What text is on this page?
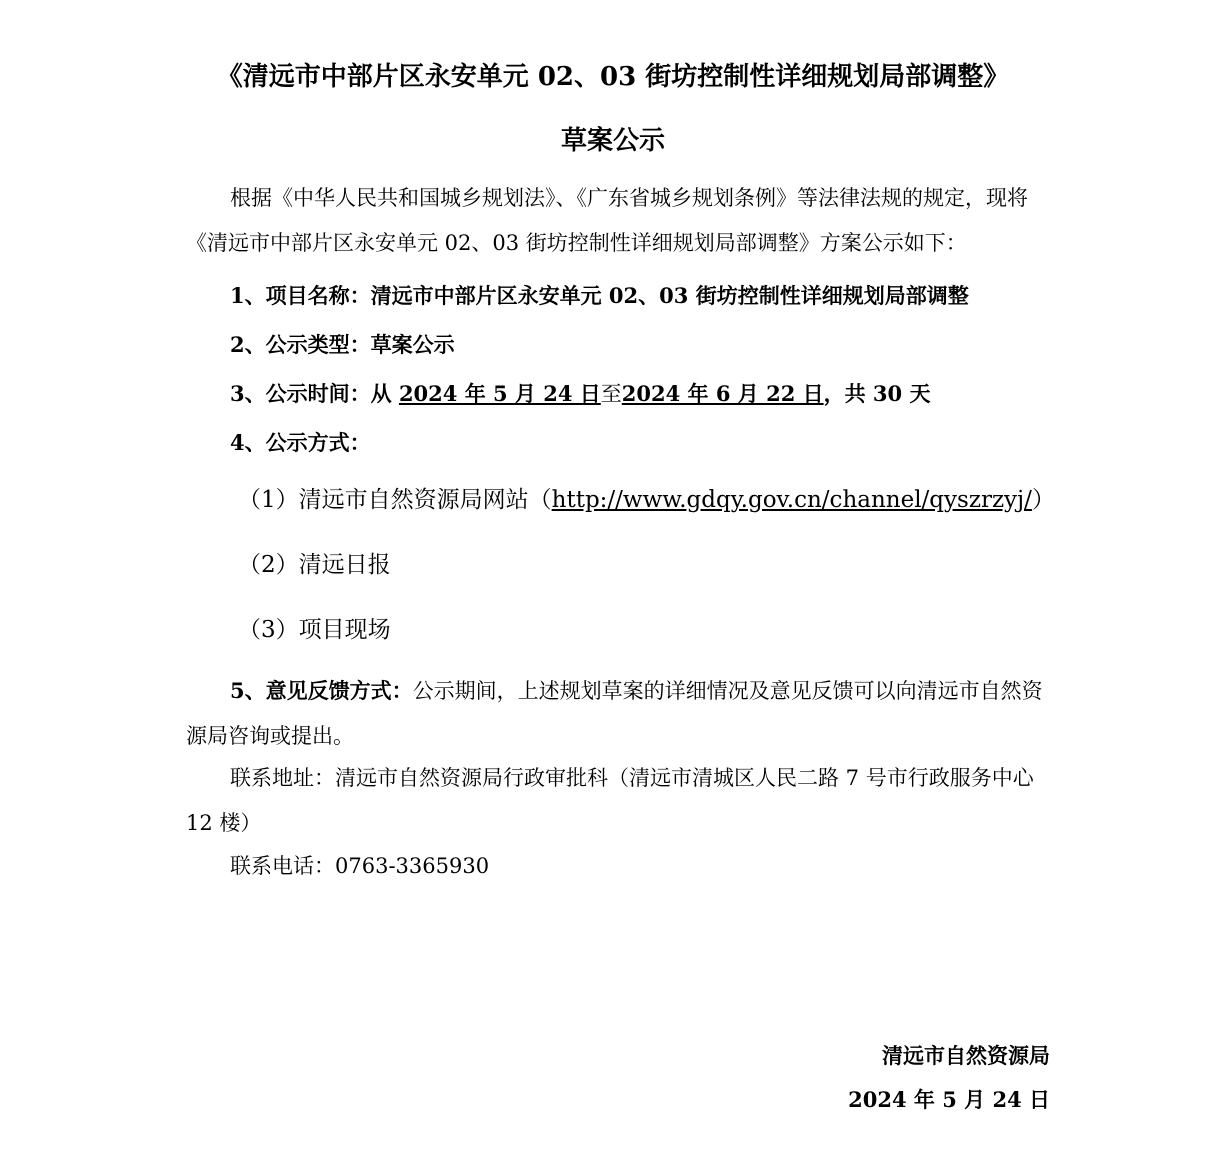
《清远市中部片区永安单元 02、03 街坊控制性详细规划局部调整》
草案公示
根据《中华人民共和国城乡规划法》、《广东省城乡规划条例》等法律法规的规定，现将《清远市中部片区永安单元 02、03 街坊控制性详细规划局部调整》方案公示如下：
1、项目名称：清远市中部片区永安单元 02、03 街坊控制性详细规划局部调整
2、公示类型：草案公示
3、公示时间：从 2024 年 5 月 24 日至2024 年 6 月 22 日，共 30 天
4、公示方式：
（1）清远市自然资源局网站（http://www.gdqy.gov.cn/channel/qyszrzyj/）
（2）清远日报
（3）项目现场
5、意见反馈方式：公示期间，上述规划草案的详细情况及意见反馈可以向清远市自然资源局咨询或提出。
联系地址：清远市自然资源局行政审批科（清远市清城区人民二路 7 号市行政服务中心 12 楼）
联系电话：0763-3365930
清远市自然资源局
2024 年 5 月 24 日
